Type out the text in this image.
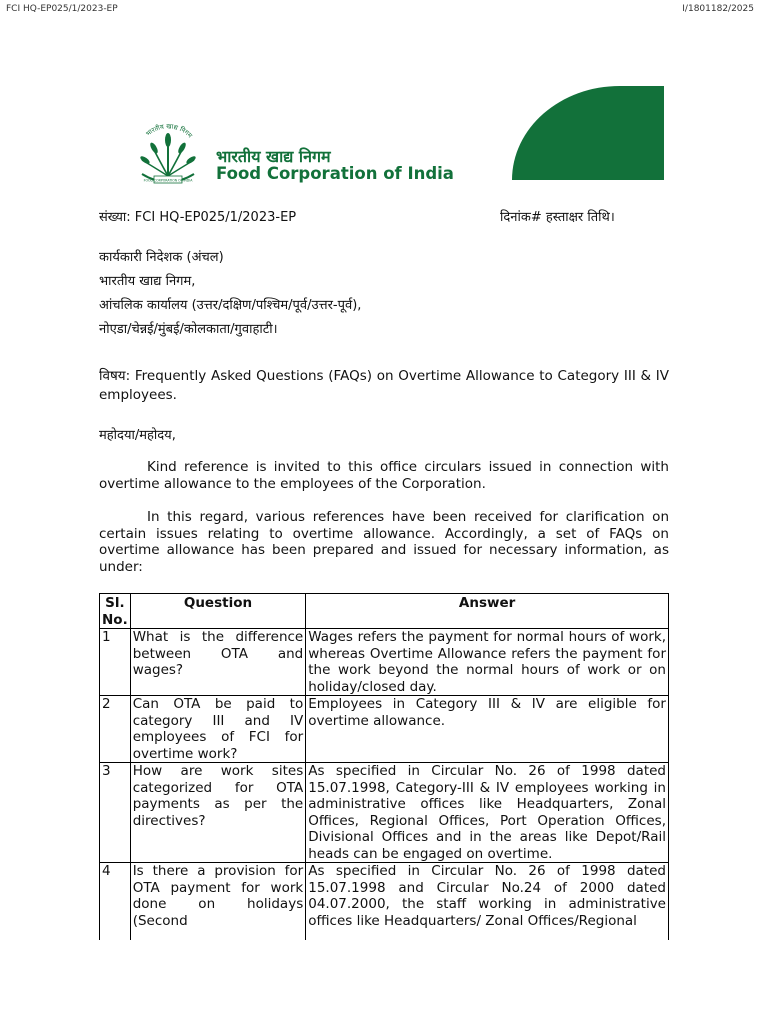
FCI HQ-EP025/1/2023-EP	I/1801182/2025
भारतीय खाद्य निगम
FOOD CORPORATION OF INDIA
भारतीय खाद्य निगम
Food Corporation of India
संख्या: FCI HQ-EP025/1/2023-EP	दिनांक# हस्ताक्षर तिथि।
कार्यकारी निदेशक (अंचल)
भारतीय खाद्य निगम,
आंचलिक कार्यालय (उत्तर/दक्षिण/पश्चिम/पूर्व/उत्तर-पूर्व),
नोएडा/चेन्नई/मुंबई/कोलकाता/गुवाहाटी।
विषय: Frequently Asked Questions (FAQs) on Overtime Allowance to Category III & IV employees.
महोदया/महोदय,
Kind reference is invited to this office circulars issued in connection with overtime allowance to the employees of the Corporation.
In this regard, various references have been received for clarification on certain issues relating to overtime allowance. Accordingly, a set of FAQs on overtime allowance has been prepared and issued for necessary information, as under:
Sl. No.	Question	Answer
1	What is the difference between OTA and wages?	Wages refers the payment for normal hours of work, whereas Overtime Allowance refers the payment for the work beyond the normal hours of work or on holiday/closed day.
2	Can OTA be paid to category III and IV employees of FCI for overtime work?	Employees in Category III & IV are eligible for overtime allowance.
3	How are work sites categorized for OTA payments as per the directives?	As specified in Circular No. 26 of 1998 dated 15.07.1998, Category-III & IV employees working in administrative offices like Headquarters, Zonal Offices, Regional Offices, Port Operation Offices, Divisional Offices and in the areas like Depot/Rail heads can be engaged on overtime.
4	Is there a provision for OTA payment for work done on holidays (Second	As specified in Circular No. 26 of 1998 dated 15.07.1998 and Circular No.24 of 2000 dated 04.07.2000, the staff working in administrative offices like Headquarters/ Zonal Offices/Regional
